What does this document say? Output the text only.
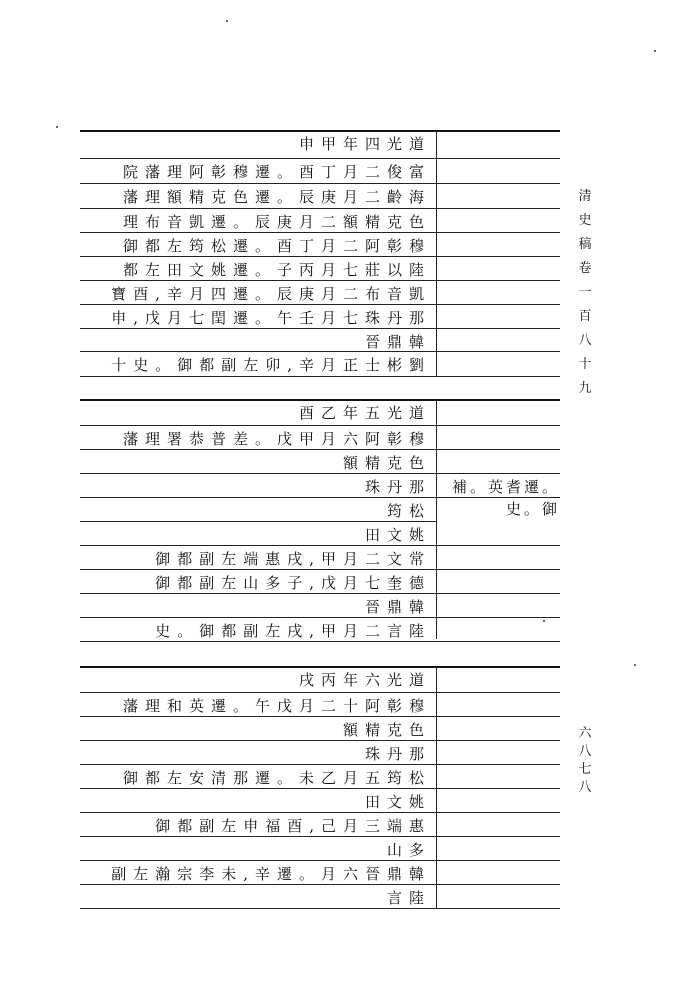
清史稿卷一百八十九
六八七八
申甲年四光道
院藩理阿彰穆遷。酉丁月二俊富
藩理額精克色遷。辰庚月二齡海
理布音凱遷。辰庚月二額精克色
御都左筠松遷。酉丁月二阿彰穆
都左田文姚遷。子丙月七莊以陸
寶酉,辛月四遷。辰庚月二布音凱
申,戊月七閏遷。午壬月七珠丹那
晉鼎韓
十史。御都副左卯,辛月正士彬劉
酉乙年五光道
藩理署恭普差。戊甲月六阿彰穆
額精克色
珠丹那	補。英耆遷。
筠松	史。御
田文姚
御都副左端惠戌,甲月二文常
御都副左山多子,戊月七奎德
晉鼎韓
史。御都副左戌,甲月二言陸
戌丙年六光道
藩理和英遷。午戊月二十阿彰穆
額精克色
珠丹那
御都左安清那遷。未乙月五筠松
田文姚
御都副左申福酉,己月三端惠
山多
副左瀚宗李未,辛遷。月六晉鼎韓
言陸
